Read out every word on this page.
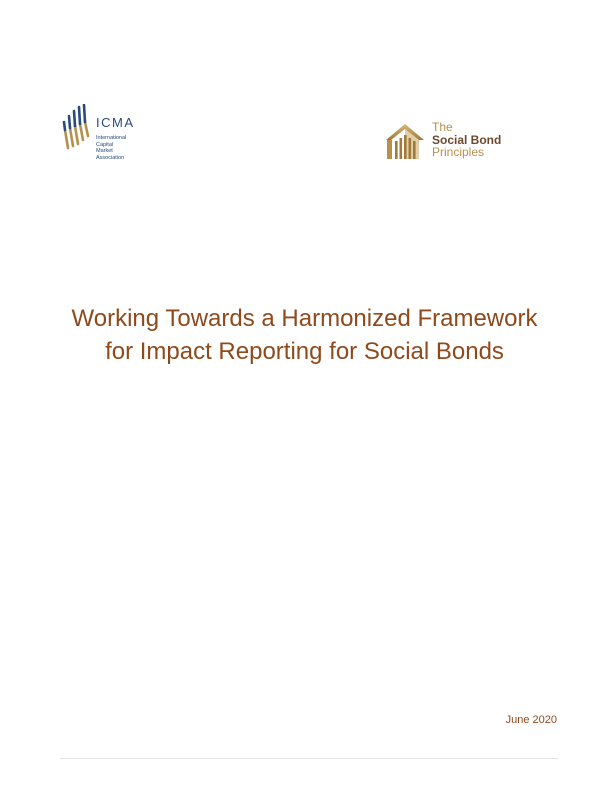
ICMA
International
Capital
Market
Association
The
Social Bond
Principles
Working Towards a Harmonized Framework
for Impact Reporting for Social Bonds
June 2020
